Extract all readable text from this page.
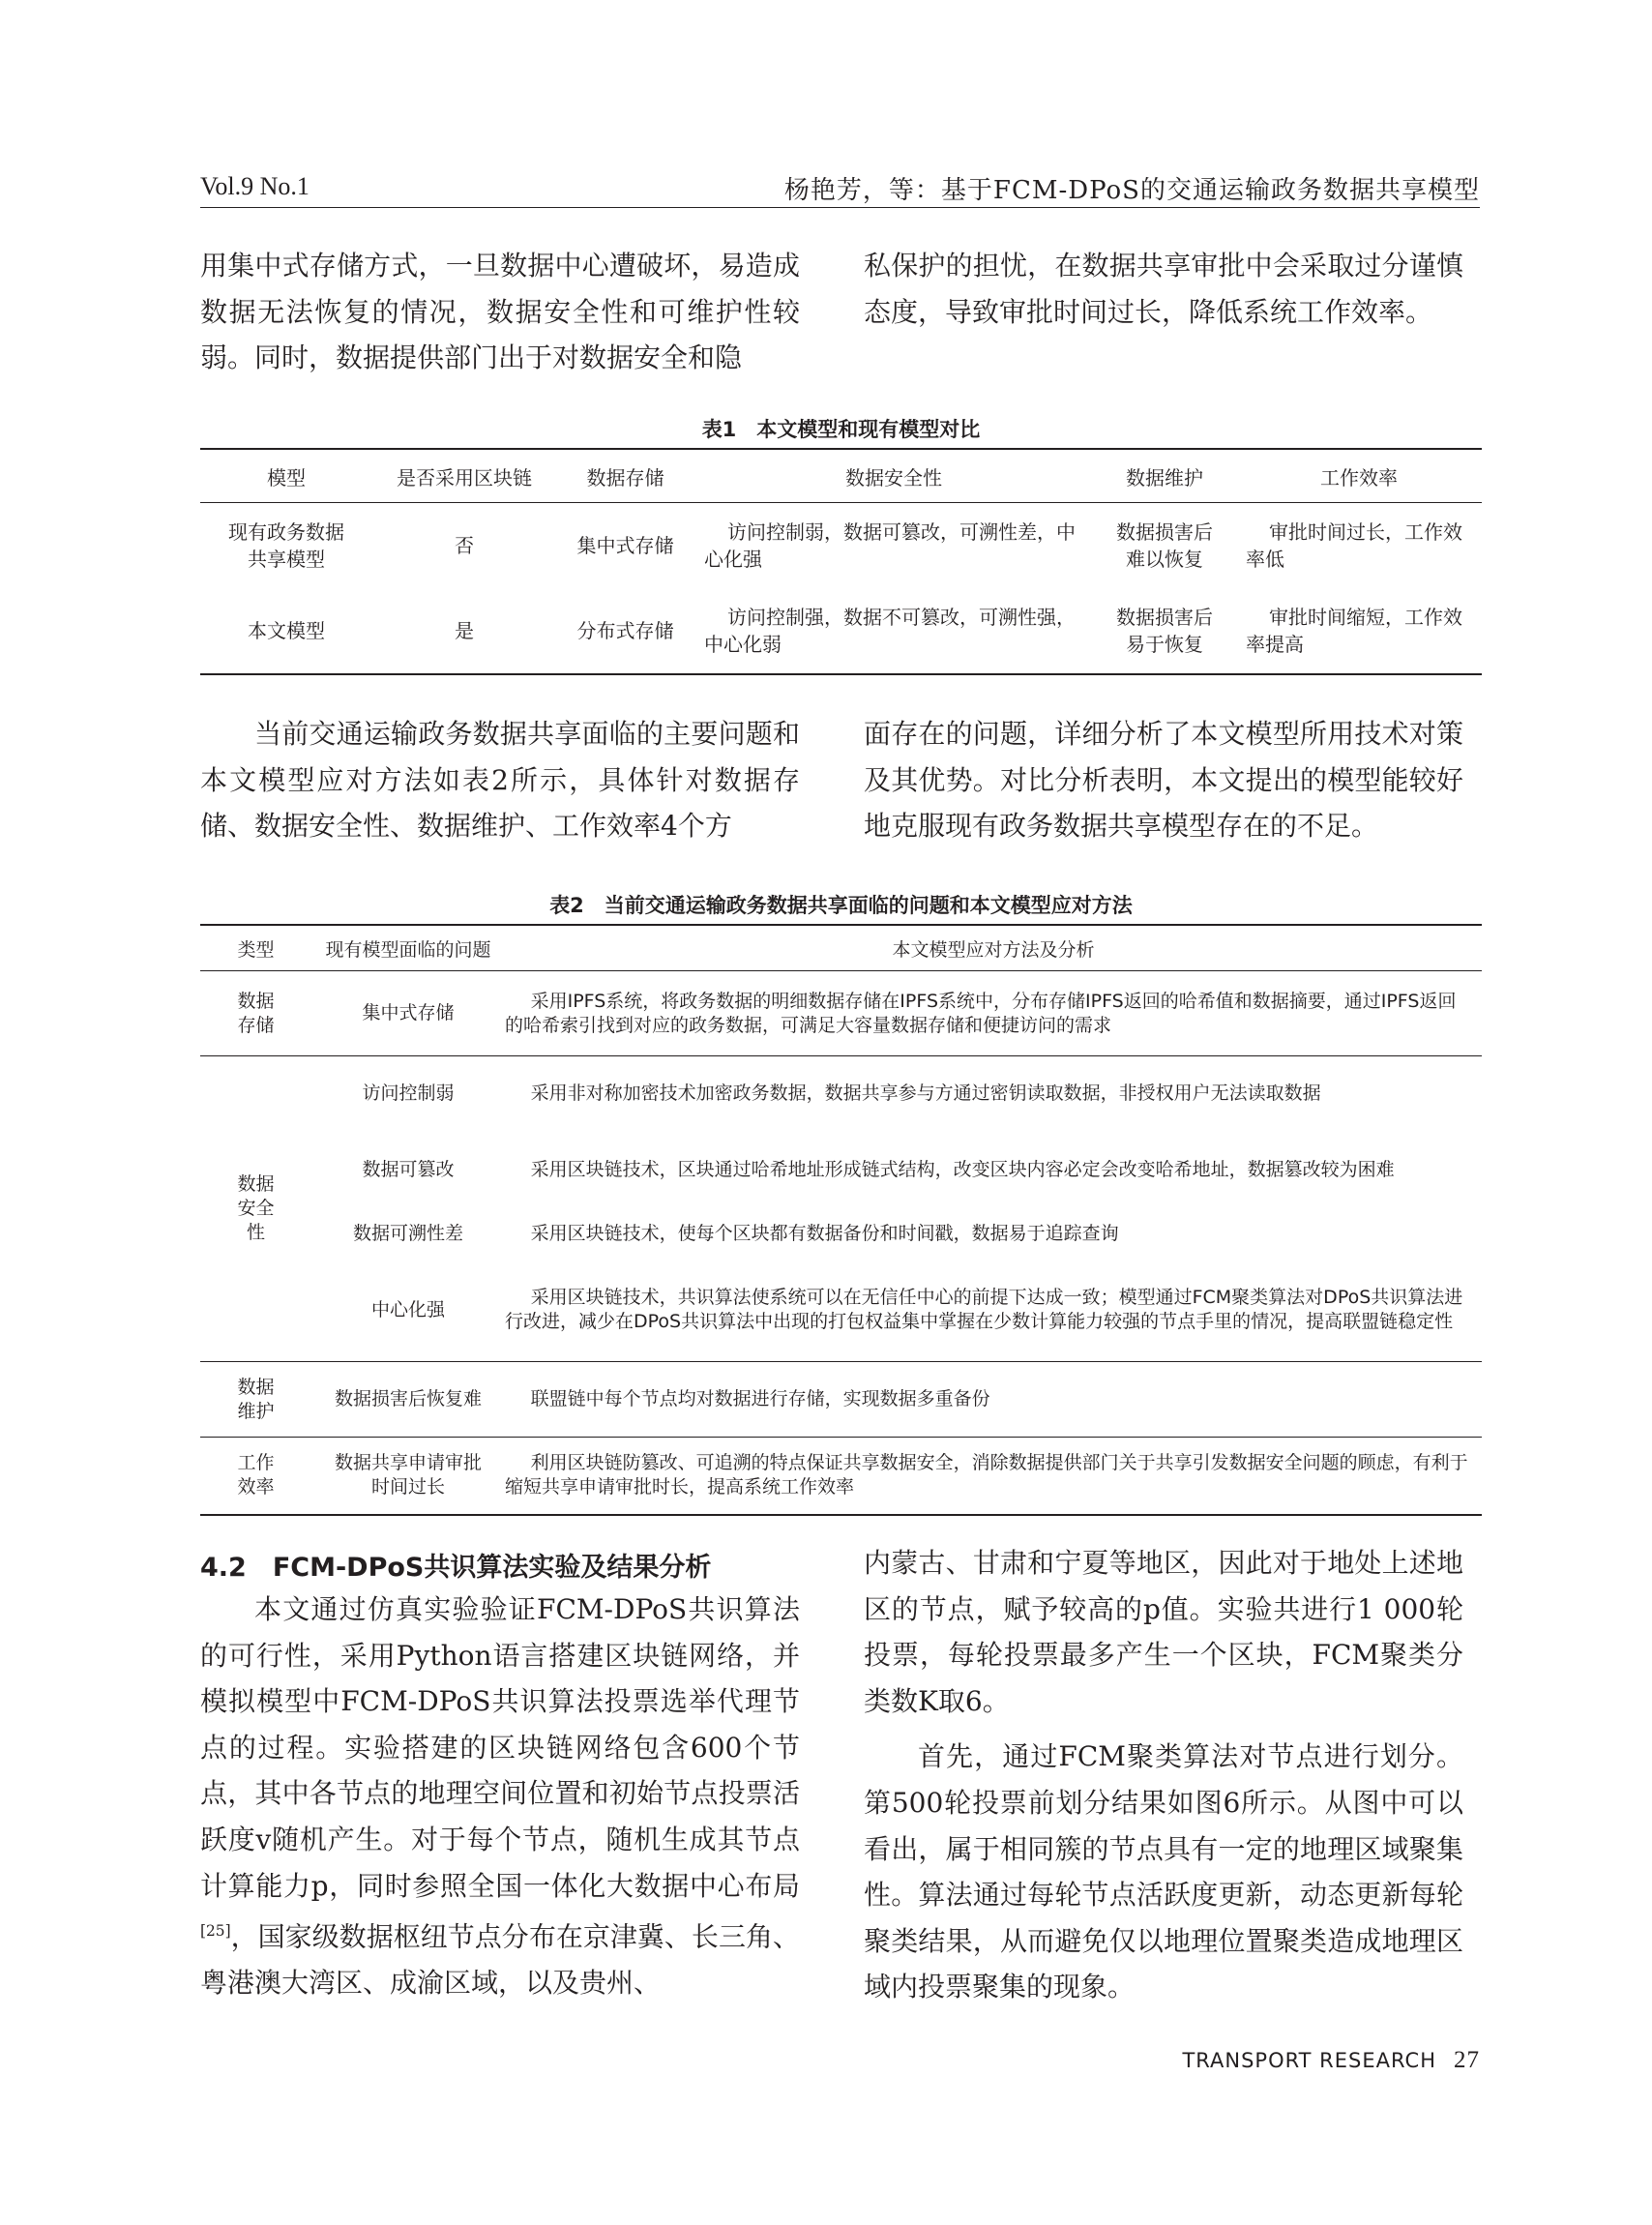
Vol.9 No.1	杨艳芳，等：基于FCM-DPoS的交通运输政务数据共享模型

用集中式存储方式，一旦数据中心遭破坏，易造成数据无法恢复的情况，数据安全性和可维护性较弱。同时，数据提供部门出于对数据安全和隐

私保护的担忧，在数据共享审批中会采取过分谨慎态度，导致审批时间过长，降低系统工作效率。

表1　本文模型和现有模型对比
模型	是否采用区块链	数据存储	数据安全性	数据维护	工作效率
现有政务数据共享模型	否	集中式存储	访问控制弱，数据可篡改，可溯性差，中心化强	数据损害后难以恢复	审批时间过长，工作效率低
本文模型	是	分布式存储	访问控制强，数据不可篡改，可溯性强，中心化弱	数据损害后易于恢复	审批时间缩短，工作效率提高

当前交通运输政务数据共享面临的主要问题和本文模型应对方法如表2所示，具体针对数据存储、数据安全性、数据维护、工作效率4个方

面存在的问题，详细分析了本文模型所用技术对策及其优势。对比分析表明，本文提出的模型能较好地克服现有政务数据共享模型存在的不足。

表2　当前交通运输政务数据共享面临的问题和本文模型应对方法
类型	现有模型面临的问题	本文模型应对方法及分析
数据存储	集中式存储	采用IPFS系统，将政务数据的明细数据存储在IPFS系统中，分布存储IPFS返回的哈希值和数据摘要，通过IPFS返回的哈希索引找到对应的政务数据，可满足大容量数据存储和便捷访问的需求
数据安全性	访问控制弱	采用非对称加密技术加密政务数据，数据共享参与方通过密钥读取数据，非授权用户无法读取数据
	数据可篡改	采用区块链技术，区块通过哈希地址形成链式结构，改变区块内容必定会改变哈希地址，数据篡改较为困难
	数据可溯性差	采用区块链技术，使每个区块都有数据备份和时间戳，数据易于追踪查询
	中心化强	采用区块链技术，共识算法使系统可以在无信任中心的前提下达成一致；模型通过FCM聚类算法对DPoS共识算法进行改进，减少在DPoS共识算法中出现的打包权益集中掌握在少数计算能力较强的节点手里的情况，提高联盟链稳定性
数据维护	数据损害后恢复难	联盟链中每个节点均对数据进行存储，实现数据多重备份
工作效率	数据共享申请审批时间过长	利用区块链防篡改、可追溯的特点保证共享数据安全，消除数据提供部门关于共享引发数据安全问题的顾虑，有利于缩短共享申请审批时长，提高系统工作效率
4.2　FCM-DPoS共识算法实验及结果分析

本文通过仿真实验验证FCM-DPoS共识算法的可行性，采用Python语言搭建区块链网络，并模拟模型中FCM-DPoS共识算法投票选举代理节点的过程。实验搭建的区块链网络包含600个节点，其中各节点的地理空间位置和初始节点投票活跃度v随机产生。对于每个节点，随机生成其节点计算能力p，同时参照全国一体化大数据中心布局[25]，国家级数据枢纽节点分布在京津冀、长三角、粤港澳大湾区、成渝区域，以及贵州、

内蒙古、甘肃和宁夏等地区，因此对于地处上述地区的节点，赋予较高的p值。实验共进行1 000轮投票，每轮投票最多产生一个区块，FCM聚类分类数K取6。

首先，通过FCM聚类算法对节点进行划分。第500轮投票前划分结果如图6所示。从图中可以看出，属于相同簇的节点具有一定的地理区域聚集性。算法通过每轮节点活跃度更新，动态更新每轮聚类结果，从而避免仅以地理位置聚类造成地理区域内投票聚集的现象。

TRANSPORT RESEARCH 27
